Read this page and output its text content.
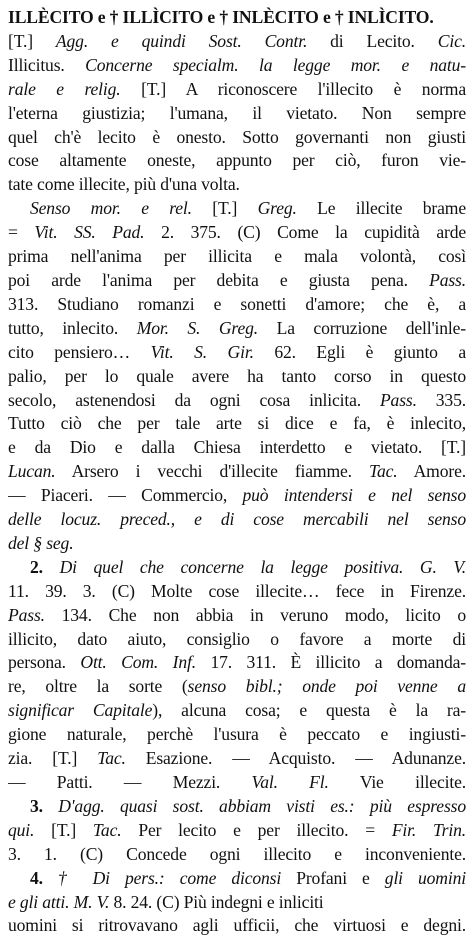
ILLÈCITO e † ILLÌCITO e † INLÈCITO e † INLÌCITO.
[T.] Agg. e quindi Sost. Contr. di Lecito. Cic.
Illicitus. Concerne specialm. la legge mor. e natu-
rale e relig. [T.] A riconoscere l'illecito è norma
l'eterna giustizia; l'umana, il vietato. Non sempre
quel ch'è lecito è onesto. Sotto governanti non giusti
cose altamente oneste, appunto per ciò, furon vie-
tate come illecite, più d'una volta.
Senso mor. e rel. [T.] Greg. Le illecite brame
= Vit. SS. Pad. 2. 375. (C) Come la cupidità arde
prima nell'anima per illicita e mala volontà, così
poi arde l'anima per debita e giusta pena. Pass.
313. Studiano romanzi e sonetti d'amore; che è, a
tutto, inlecito. Mor. S. Greg. La corruzione dell'inle-
cito pensiero… Vit. S. Gir. 62. Egli è giunto a
palio, per lo quale avere ha tanto corso in questo
secolo, astenendosi da ogni cosa inlicita. Pass. 335.
Tutto ciò che per tale arte si dice e fa, è inlecito,
e da Dio e dalla Chiesa interdetto e vietato. [T.]
Lucan. Arsero i vecchi d'illecite fiamme. Tac. Amore.
— Piaceri. — Commercio, può intendersi e nel senso
delle locuz. preced., e di cose mercabili nel senso
del § seg.
2. Di quel che concerne la legge positiva. G. V.
11. 39. 3. (C) Molte cose illecite… fece in Firenze.
Pass. 134. Che non abbia in veruno modo, licito o
illicito, dato aiuto, consiglio o favore a morte di
persona. Ott. Com. Inf. 17. 311. È illicito a domanda-
re, oltre la sorte (senso bibl.; onde poi venne a
significar Capitale), alcuna cosa; e questa è la ra-
gione naturale, perchè l'usura è peccato e ingiusti-
zia. [T.] Tac. Esazione. — Acquisto. — Adunanze.
— Patti. — Mezzi. Val. Fl. Vie illecite.
3. D'agg. quasi sost. abbiam visti es.: più espresso
qui. [T.] Tac. Per lecito e per illecito. = Fir. Trin.
3. 1. (C) Concede ogni illecito e inconveniente.
4. † Di pers.: come diconsi Profani e gli uomini
e gli atti. M. V. 8. 24. (C) Più indegni e inliciti
uomini si ritrovavano agli ufficii, che virtuosi e degni.
